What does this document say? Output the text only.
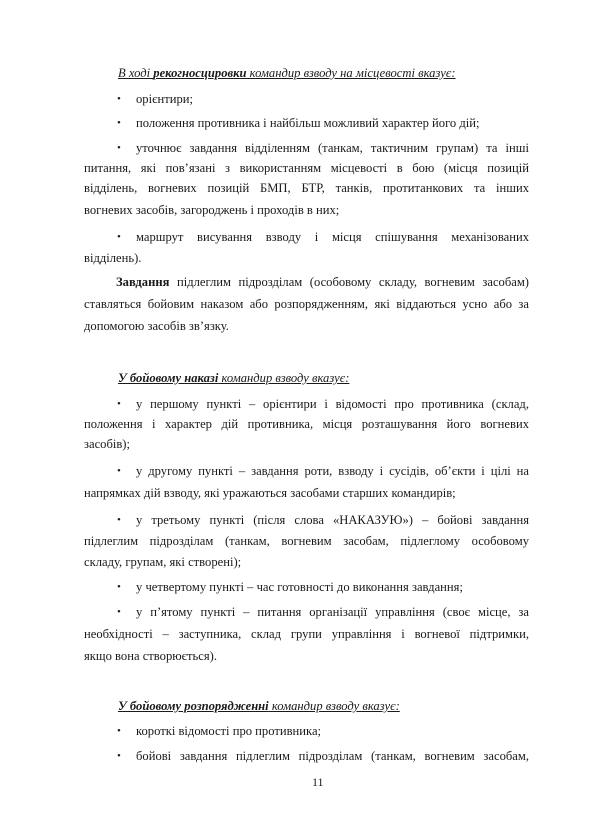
В ході рекогносцировки командир взводу на місцевості вказує:

• орієнтири;

• положення противника і найбільш можливий характер його дій;

• уточнює завдання відділенням (танкам, тактичним групам) та інші

питання, які пов’язані з використанням місцевості в бою (місця позицій

відділень, вогневих позицій БМП, БТР, танків, протитанкових та інших

вогневих засобів, загороджень і проходів в них;

• маршрут висування взводу і місця спішування механізованих

відділень).

Завдання підлеглим підрозділам (особовому складу, вогневим засобам)

ставляться бойовим наказом або розпорядженням, які віддаються усно або за

допомогою засобів зв’язку.

У бойовому наказі командир взводу вказує:

• у першому пункті – орієнтири і відомості про противника (склад,

положення і характер дій противника, місця розташування його вогневих

засобів);

• у другому пункті – завдання роти, взводу і сусідів, об’єкти і цілі на

напрямках дій взводу, які уражаються засобами старших командирів;

• у третьому пункті (після слова «НАКАЗУЮ») – бойові завдання

підлеглим підрозділам (танкам, вогневим засобам, підлеглому особовому

складу, групам, які створені);

• у четвертому пункті – час готовності до виконання завдання;

• у п’ятому пункті – питання організації управління (своє місце, за

необхідності – заступника, склад групи управління і вогневої підтримки,

якщо вона створюється).

У бойовому розпорядженні командир взводу вказує:

• короткі відомості про противника;

• бойові завдання підлеглим підрозділам (танкам, вогневим засобам,

11
